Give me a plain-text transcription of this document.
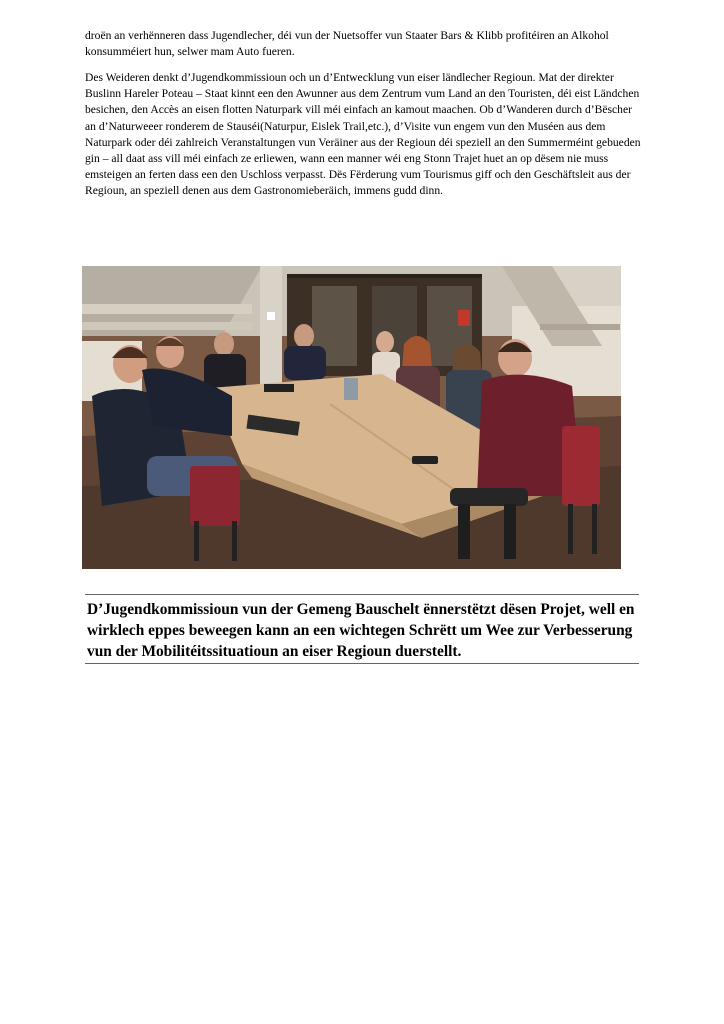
droën an verhënneren dass Jugendlecher, déi vun der Nuetsoffer vun Staater Bars & Klibb profitéiren an Alkohol konsumméiert hun, selwer mam Auto fueren.

Des Weideren denkt d’Jugendkommissioun och un d’Entwecklung vun eiser ländlecher Regioun. Mat der direkter Buslinn Hareler Poteau – Staat kinnt een den Awunner aus dem Zentrum vum Land an den Touristen, déi eist Ländchen besichen, den Accès an eisen flotten Naturpark vill méi einfach an kamout maachen. Ob d’Wanderen durch d’Bëscher an d’Naturweeer ronderem de Stauséi(Naturpur, Eislek Trail,etc.), d’Visite vun engem vun den Muséen aus dem Naturpark oder déi zahlreich Veranstaltungen vun Veräiner aus der Regioun déi speziell an den Summerméint gebueden gin – all daat ass vill méi einfach ze erliewen, wann een manner wéi eng Stonn Trajet huet an op dësem nie muss emsteigen an ferten dass een den Uschloss verpasst. Dës Fërderung vum Tourismus giff och den Geschäftsleit aus der Regioun, an speziell denen aus dem Gastronomieberäich, immens gudd dinn.

D’Jugendkommissioun vun der Gemeng Bauschelt ënnerstëtzt dësen Projet, well en wirklech eppes beweegen kann an een wichtegen Schrëtt um Wee zur Verbesserung vun der Mobilitéitssituatioun an eiser Regioun duerstellt.
